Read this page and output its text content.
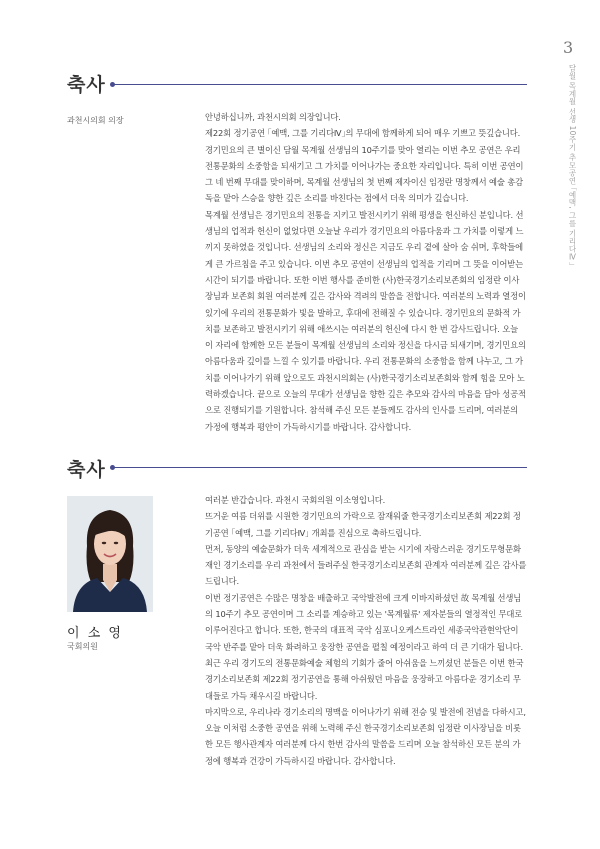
3
담월 목계월 선생 10주기 추모공연 ｢예맥, 그를 기리다Ⅳ｣
축사
과천시의회 의장	안녕하십니까, 과천시의회 의장입니다.

제22회 정기공연 ｢예맥, 그를 기리다Ⅳ｣의 무대에 함께하게 되어 매우 기쁘고 뜻깊습니다. 경기민요의 큰 별이신 담월 목계월 선생님의 10주기를 맞아 열리는 이번 추모 공연은 우리 전통문화의 소중함을 되새기고 그 가치를 이어나가는 중요한 자리입니다. 특히 이번 공연이 그 네 번째 무대를 맞이하며, 목계월 선생님의 첫 번째 제자이신 임정란 명창께서 예술 총감독을 맡아 스승을 향한 깊은 소리를 바친다는 점에서 더욱 의미가 깊습니다.

목계월 선생님은 경기민요의 전통을 지키고 발전시키기 위해 평생을 헌신하신 분입니다. 선생님의 업적과 헌신이 없었다면 오늘날 우리가 경기민요의 아름다움과 그 가치를 이렇게 느끼지 못하였을 것입니다. 선생님의 소리와 정신은 지금도 우리 곁에 살아 숨 쉬며, 후학들에게 큰 가르침을 주고 있습니다. 이번 추모 공연이 선생님의 업적을 기리며 그 뜻을 이어받는 시간이 되기를 바랍니다. 또한 이번 행사를 준비한 (사)한국경기소리보존회의 임정란 이사장님과 보존회 회원 여러분께 깊은 감사와 격려의 말씀을 전합니다. 여러분의 노력과 열정이 있기에 우리의 전통문화가 빛을 발하고, 후대에 전해질 수 있습니다. 경기민요의 문화적 가치를 보존하고 발전시키기 위해 애쓰시는 여러분의 헌신에 다시 한 번 감사드립니다. 오늘 이 자리에 함께한 모든 분들이 목계월 선생님의 소리와 정신을 다시금 되새기며, 경기민요의 아름다움과 깊이를 느낄 수 있기를 바랍니다. 우리 전통문화의 소중함을 함께 나누고, 그 가치를 이어나가기 위해 앞으로도 과천시의회는 (사)한국경기소리보존회와 함께 힘을 모아 노력하겠습니다. 끝으로 오늘의 무대가 선생님을 향한 깊은 추모와 감사의 마음을 담아 성공적으로 진행되기를 기원합니다. 참석해 주신 모든 분들께도 감사의 인사를 드리며, 여러분의 가정에 행복과 평안이 가득하시기를 바랍니다. 감사합니다.

축사
이 소 영
국회의원

여러분 반갑습니다. 과천시 국회의원 이소영입니다.

뜨거운 여름 더위를 시원한 경기민요의 가락으로 잠재워줄 한국경기소리보존회 제22회 정기공연 ｢예맥, 그를 기리다Ⅳ｣ 개최를 진심으로 축하드립니다.

먼저, 동양의 예술문화가 더욱 세계적으로 관심을 받는 시기에 자랑스러운 경기도무형문화재인 경기소리를 우리 과천에서 들려주실 한국경기소리보존회 관계자 여러분께 깊은 감사를 드립니다.

이번 정기공연은 수많은 명창을 배출하고 국악발전에 크게 이바지하셨던 故 목계월 선생님의 10주기 추모 공연이며 그 소리를 계승하고 있는 '목계월류' 제자분들의 열정적인 무대로 이루어진다고 합니다. 또한, 한국의 대표적 국악 심포니오케스트라인 세종국악관현악단이 국악 반주를 맡아 더욱 화려하고 웅장한 공연을 펼칠 예정이라고 하여 더 큰 기대가 됩니다.

최근 우리 경기도의 전통문화예술 체험의 기회가 줄어 아쉬움을 느끼셨던 분들은 이번 한국경기소리보존회 제22회 정기공연을 통해 아쉬웠던 마음을 웅장하고 아름다운 경기소리 무대들로 가득 채우시길 바랍니다.

마지막으로, 우리나라 경기소리의 명맥을 이어나가기 위해 전승 및 발전에 전념을 다하시고, 오늘 이처럼 소중한 공연을 위해 노력해 주신 한국경기소리보존회 임정란 이사장님을 비롯한 모든 행사관계자 여러분께 다시 한번 감사의 말씀을 드리며 오늘 참석하신 모든 분의 가정에 행복과 건강이 가득하시길 바랍니다. 감사합니다.
